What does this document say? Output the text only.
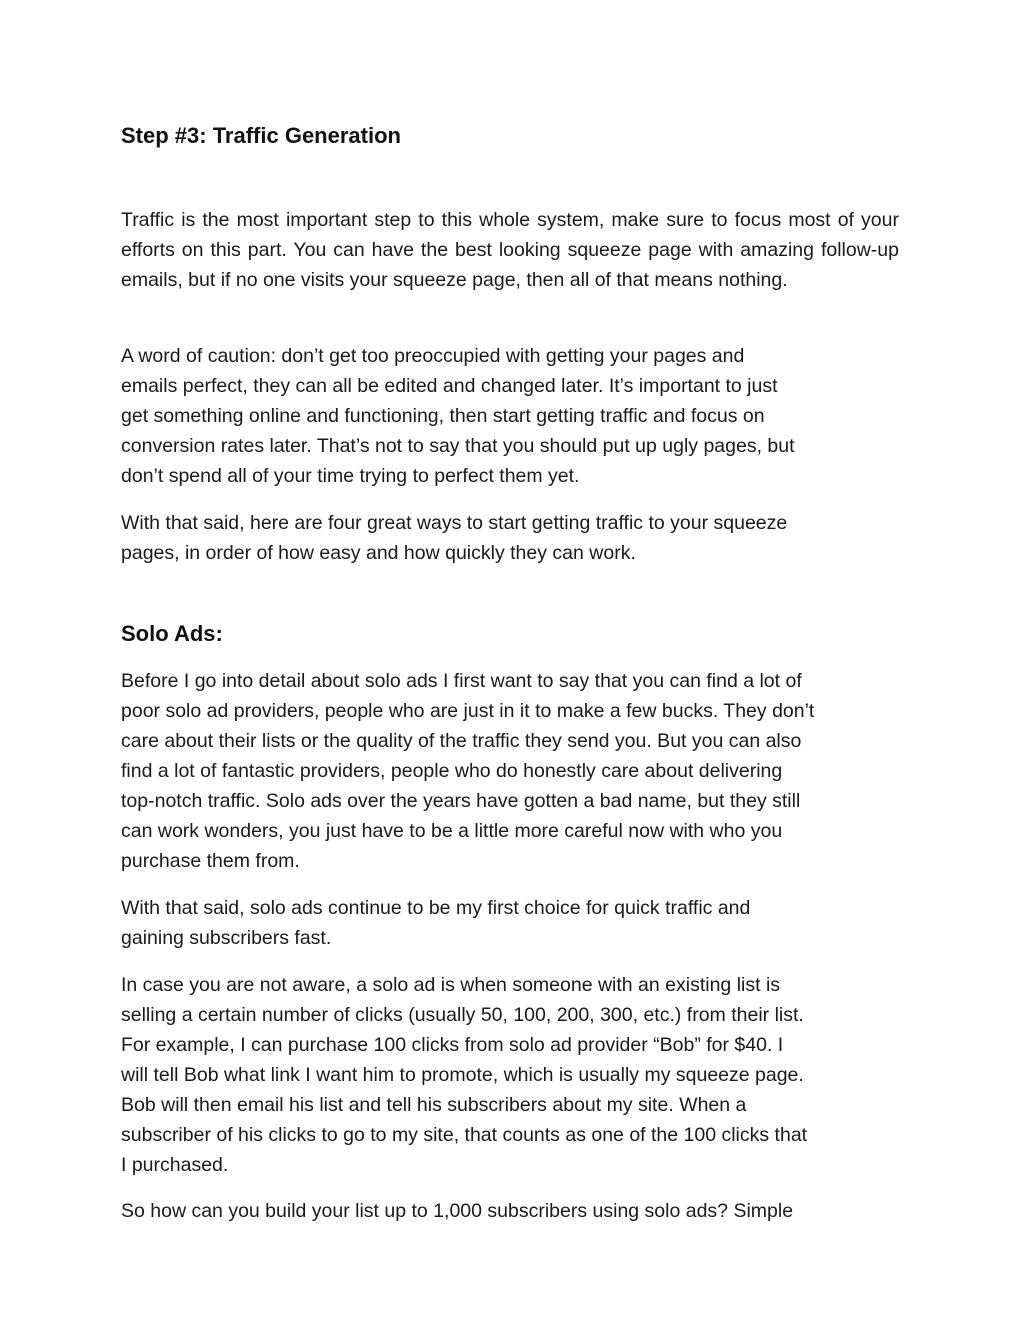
Step #3: Traffic Generation

Traffic is the most important step to this whole system, make sure to focus most of your efforts on this part. You can have the best looking squeeze page with amazing follow-up emails, but if no one visits your squeeze page, then all of that means nothing.

A word of caution: don’t get too preoccupied with getting your pages and
emails perfect, they can all be edited and changed later. It’s important to just
get something online and functioning, then start getting traffic and focus on
conversion rates later. That’s not to say that you should put up ugly pages, but
don’t spend all of your time trying to perfect them yet.

With that said, here are four great ways to start getting traffic to your squeeze
pages, in order of how easy and how quickly they can work.

Solo Ads:

Before I go into detail about solo ads I first want to say that you can find a lot of
poor solo ad providers, people who are just in it to make a few bucks. They don’t
care about their lists or the quality of the traffic they send you. But you can also
find a lot of fantastic providers, people who do honestly care about delivering
top-notch traffic. Solo ads over the years have gotten a bad name, but they still
can work wonders, you just have to be a little more careful now with who you
purchase them from.

With that said, solo ads continue to be my first choice for quick traffic and
gaining subscribers fast.

In case you are not aware, a solo ad is when someone with an existing list is
selling a certain number of clicks (usually 50, 100, 200, 300, etc.) from their list.
For example, I can purchase 100 clicks from solo ad provider “Bob” for $40. I
will tell Bob what link I want him to promote, which is usually my squeeze page.
Bob will then email his list and tell his subscribers about my site. When a
subscriber of his clicks to go to my site, that counts as one of the 100 clicks that
I purchased.

So how can you build your list up to 1,000 subscribers using solo ads? Simple
